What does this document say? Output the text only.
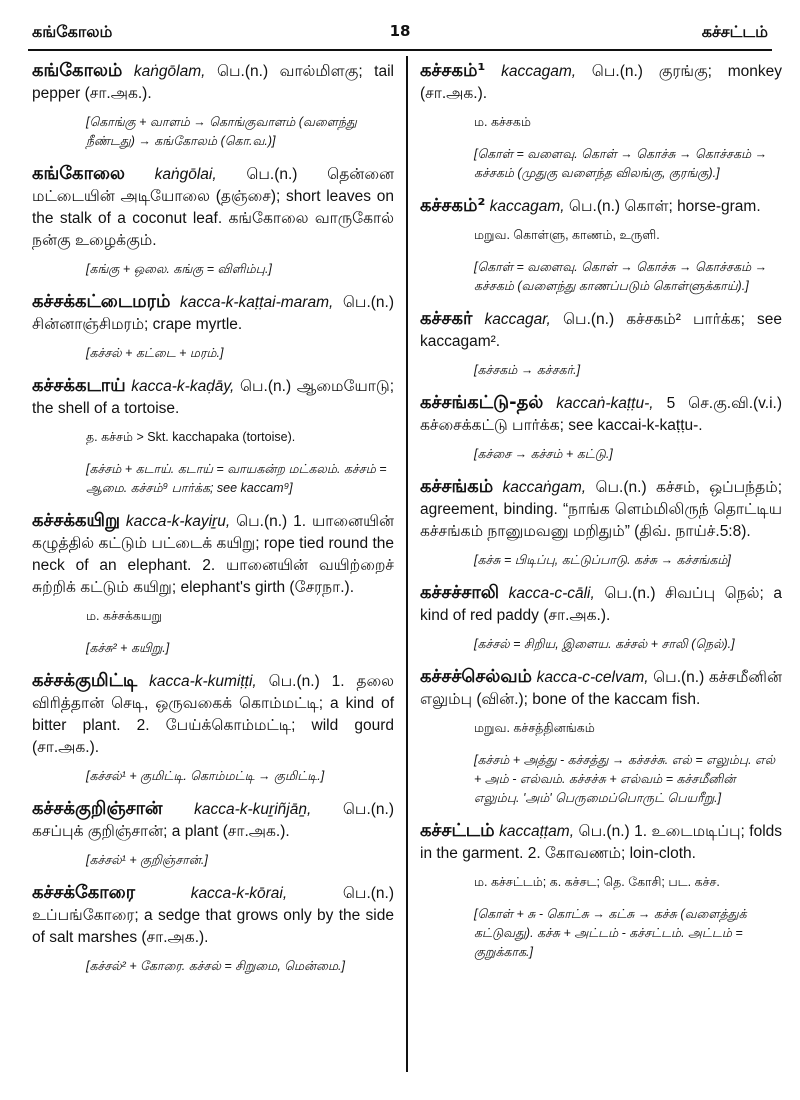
கங்கோலம்	18	கச்சட்டம்

கங்கோலம் kaṅgōlam, பெ.(n.) வால்மிளகு; tail pepper (சா.அக.).

[கொங்கு + வாளம் → கொங்குவாளம் (வளைந்து நீண்டது) → கங்கோலம் (கொ.வ.)]

கங்கோலை kaṅgōlai, பெ.(n.) தென்னை மட்டையின் அடியோலை (தஞ்சை); short leaves on the stalk of a coconut leaf. கங்கோலை வாருகோல் நன்கு உழைக்கும்.

[கங்கு + ஒலை. கங்கு = விளிம்பு.]

கச்சக்கட்டைமரம் kacca-k-kaṭṭai-maram, பெ.(n.) சின்னாஞ்சிமரம்; crape myrtle.

[கச்சல் + கட்டை + மரம்.]

கச்சக்கடாய் kacca-k-kaḍāy, பெ.(n.) ஆமையோடு; the shell of a tortoise.

த. கச்சம் > Skt. kacchapaka (tortoise).

[கச்சம் + கடாய். கடாய் = வாயகன்ற மட்கலம். கச்சம் = ஆமை. கச்சம்⁹ பார்க்க; see kaccam⁹]

கச்சக்கயிறு kacca-k-kayiṟu, பெ.(n.) 1. யானையின் கழுத்தில் கட்டும் பட்டைக் கயிறு; rope tied round the neck of an elephant. 2. யானையின் வயிற்றைச் சுற்றிக் கட்டும் கயிறு; elephant's girth (சேரநா.).

ம. கச்சக்கயறு

[கச்சு² + கயிறு.]

கச்சக்குமிட்டி kacca-k-kumiṭṭi, பெ.(n.) 1. தலை விரித்தான் செடி, ஒருவகைக் கொம்மட்டி; a kind of bitter plant. 2. பேய்க்கொம்மட்டி; wild gourd (சா.அக.).

[கச்சல்¹ + குமிட்டி. கொம்மட்டி → குமிட்டி.]

கச்சக்குறிஞ்சான் kacca-k-kuṟiñjāṉ, பெ.(n.) கசப்புக் குறிஞ்சான்; a plant (சா.அக.).

[கச்சல்¹ + குறிஞ்சான்.]

கச்சக்கோரை	kacca-k-kōrai,	பெ.(n.) உப்பங்கோரை; a sedge that grows only by the side of salt marshes (சா.அக.).

[கச்சல்² + கோரை. கச்சல் = சிறுமை, மென்மை.]

கச்சகம்¹ kaccagam, பெ.(n.) குரங்கு; monkey (சா.அக.).

ம. கச்சகம்

[கொள் = வளைவு. கொள் → கொச்சு → கொச்சகம் → கச்சகம் (முதுகு வளைந்த விலங்கு, குரங்கு).]

கச்சகம்² kaccagam, பெ.(n.) கொள்; horse-gram.

மறுவ. கொள்ளு, காணம், உருளி.

[கொள் = வளைவு. கொள் → கொச்சு → கொச்சகம் → கச்சகம் (வளைந்து காணப்படும் கொள்ளுக்காய்).]

கச்சகர் kaccagar, பெ.(n.) கச்சகம்² பார்க்க; see kaccagam².

[கச்சகம் → கச்சகர்.]

கச்சங்கட்டு-தல் kaccaṅ-kaṭṭu-, 5 செ.கு.வி.(v.i.) கச்சைக்கட்டு பார்க்க; see kaccai-k-kaṭṭu-.

[கச்சை → கச்சம் + கட்டு.]

கச்சங்கம் kaccaṅgam, பெ.(n.) கச்சம், ஒப்பந்தம்; agreement, binding. “நாங்க ளெம்மிலிருந் தொட்டிய கச்சங்கம் நானுமவனு மறிதும்” (திவ். நாய்ச்.5:8).

[கச்சு = பிடிப்பு, கட்டுப்பாடு. கச்சு → கச்சங்கம்]

கச்சச்சாலி kacca-c-cāli, பெ.(n.) சிவப்பு நெல்; a kind of red paddy (சா.அக.).

[கச்சல் = சிறிய, இளைய. கச்சல் + சாலி (நெல்).]

கச்சச்செல்வம் kacca-c-celvam, பெ.(n.) கச்சமீனின் எலும்பு (வின்.); bone of the kaccam fish.

மறுவ. கச்சத்தினங்கம்

[கச்சம் + அத்து - கச்சத்து → கச்சச்சு. எல் = எலும்பு. எல் + அம் - எல்வம். கச்சச்சு + எல்வம் = கச்சமீனின் எலும்பு. 'அம்' பெருமைப்பொருட் பெயரீறு.]

கச்சட்டம் kaccaṭṭam, பெ.(n.) 1. உடைமடிப்பு; folds in the garment. 2. கோவணம்; loin-cloth.

ம. கச்சட்டம்; க. கச்சட; தெ. கோசி; பட. கச்ச.

[கொள் + சு - கொட்சு → கட்சு → கச்சு (வளைத்துக் கட்டுவது). கச்சு + அட்டம் - கச்சட்டம். அட்டம் = குறுக்காக.]
